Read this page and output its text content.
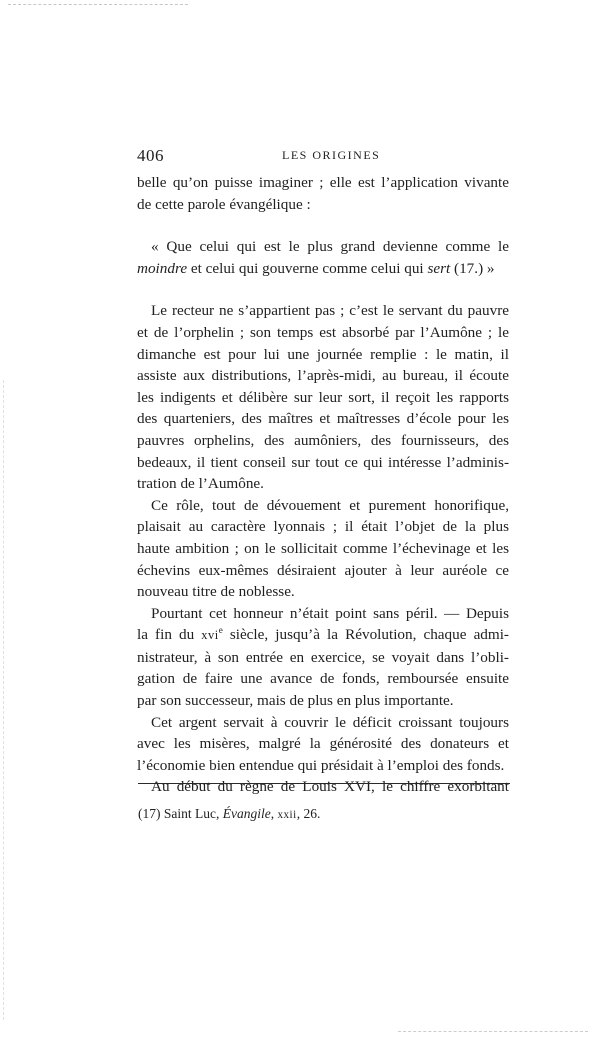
406	LES ORIGINES

belle qu’on puisse imaginer ; elle est l’application vivante
de cette parole évangélique :

« Que celui qui est le plus grand devienne comme le
moindre et celui qui gouverne comme celui qui sert (17.) »

Le recteur ne s’appartient pas ; c’est le servant du pauvre
et de l’orphelin ; son temps est absorbé par l’Aumône ; le
dimanche est pour lui une journée remplie : le matin, il
assiste aux distributions, l’après-midi, au bureau, il écoute
les indigents et délibère sur leur sort, il reçoit les rapports
des quarteniers, des maîtres et maîtresses d’école pour les
pauvres orphelins, des aumôniers, des fournisseurs, des
bedeaux, il tient conseil sur tout ce qui intéresse l’adminis-
tration de l’Aumône.

Ce rôle, tout de dévouement et purement honorifique,
plaisait au caractère lyonnais ; il était l’objet de la plus
haute ambition ; on le sollicitait comme l’échevinage et les
échevins eux-mêmes désiraient ajouter à leur auréole ce
nouveau titre de noblesse.

Pourtant cet honneur n’était point sans péril. — Depuis
la fin du xvi$^e$ siècle, jusqu’à la Révolution, chaque admi-
nistrateur, à son entrée en exercice, se voyait dans l’obli-
gation de faire une avance de fonds, remboursée ensuite
par son successeur, mais de plus en plus importante.

Cet argent servait à couvrir le déficit croissant toujours
avec les misères, malgré la générosité des donateurs et
l’économie bien entendue qui présidait à l’emploi des fonds.

Au début du règne de Louis XVI, le chiffre exorbitant

(17) Saint Luc, Évangile, xxii, 26.
